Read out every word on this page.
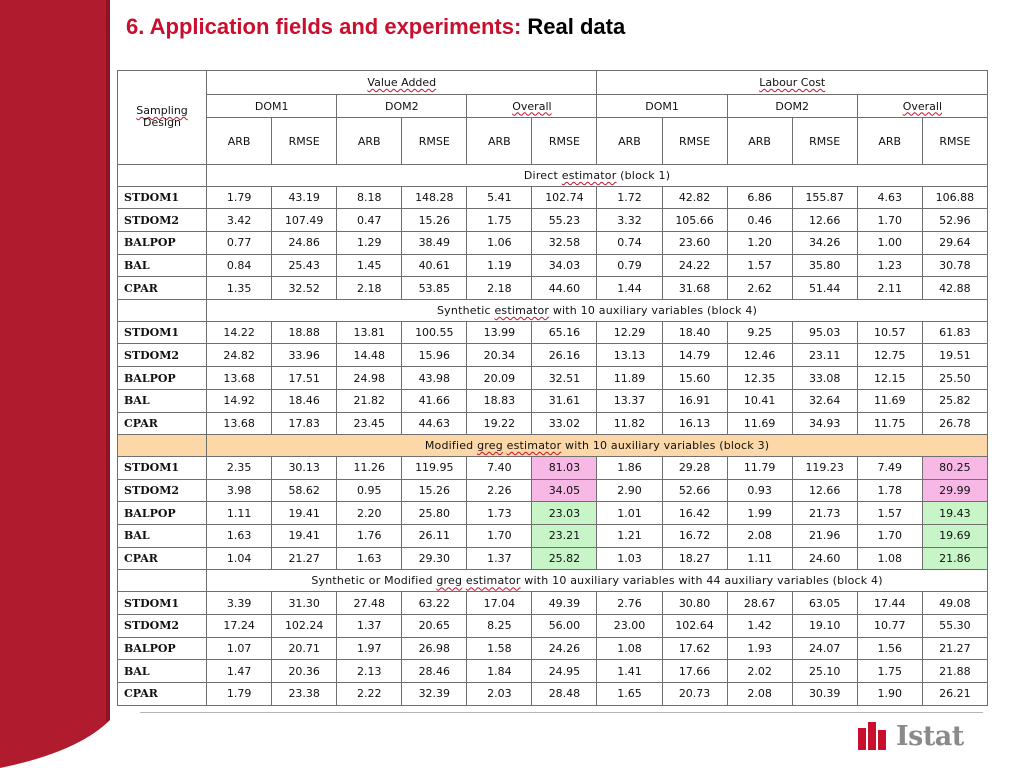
6. Application fields and experiments: Real data
Sampling
Design	Value Added						Labour Cost					
	DOM1		DOM2		Overall		DOM1		DOM2		Overall	
	ARB	RMSE	ARB	RMSE	ARB	RMSE	ARB	RMSE	ARB	RMSE	ARB	RMSE
	Direct estimator (block 1)											
STDOM1	1.79	43.19	8.18	148.28	5.41	102.74	1.72	42.82	6.86	155.87	4.63	106.88
STDOM2	3.42	107.49	0.47	15.26	1.75	55.23	3.32	105.66	0.46	12.66	1.70	52.96
BALPOP	0.77	24.86	1.29	38.49	1.06	32.58	0.74	23.60	1.20	34.26	1.00	29.64
BAL	0.84	25.43	1.45	40.61	1.19	34.03	0.79	24.22	1.57	35.80	1.23	30.78
CPAR	1.35	32.52	2.18	53.85	2.18	44.60	1.44	31.68	2.62	51.44	2.11	42.88
	Synthetic estimator with 10 auxiliary variables (block 4)											
STDOM1	14.22	18.88	13.81	100.55	13.99	65.16	12.29	18.40	9.25	95.03	10.57	61.83
STDOM2	24.82	33.96	14.48	15.96	20.34	26.16	13.13	14.79	12.46	23.11	12.75	19.51
BALPOP	13.68	17.51	24.98	43.98	20.09	32.51	11.89	15.60	12.35	33.08	12.15	25.50
BAL	14.92	18.46	21.82	41.66	18.83	31.61	13.37	16.91	10.41	32.64	11.69	25.82
CPAR	13.68	17.83	23.45	44.63	19.22	33.02	11.82	16.13	11.69	34.93	11.75	26.78
	Modified greg estimator with 10 auxiliary variables (block 3)											
STDOM1	2.35	30.13	11.26	119.95	7.40	81.03	1.86	29.28	11.79	119.23	7.49	80.25
STDOM2	3.98	58.62	0.95	15.26	2.26	34.05	2.90	52.66	0.93	12.66	1.78	29.99
BALPOP	1.11	19.41	2.20	25.80	1.73	23.03	1.01	16.42	1.99	21.73	1.57	19.43
BAL	1.63	19.41	1.76	26.11	1.70	23.21	1.21	16.72	2.08	21.96	1.70	19.69
CPAR	1.04	21.27	1.63	29.30	1.37	25.82	1.03	18.27	1.11	24.60	1.08	21.86
	Synthetic or Modified greg estimator with 10 auxiliary variables with 44 auxiliary variables (block 4)											
STDOM1	3.39	31.30	27.48	63.22	17.04	49.39	2.76	30.80	28.67	63.05	17.44	49.08
STDOM2	17.24	102.24	1.37	20.65	8.25	56.00	23.00	102.64	1.42	19.10	10.77	55.30
BALPOP	1.07	20.71	1.97	26.98	1.58	24.26	1.08	17.62	1.93	24.07	1.56	21.27
BAL	1.47	20.36	2.13	28.46	1.84	24.95	1.41	17.66	2.02	25.10	1.75	21.88
CPAR	1.79	23.38	2.22	32.39	2.03	28.48	1.65	20.73	2.08	30.39	1.90	26.21
Istat
